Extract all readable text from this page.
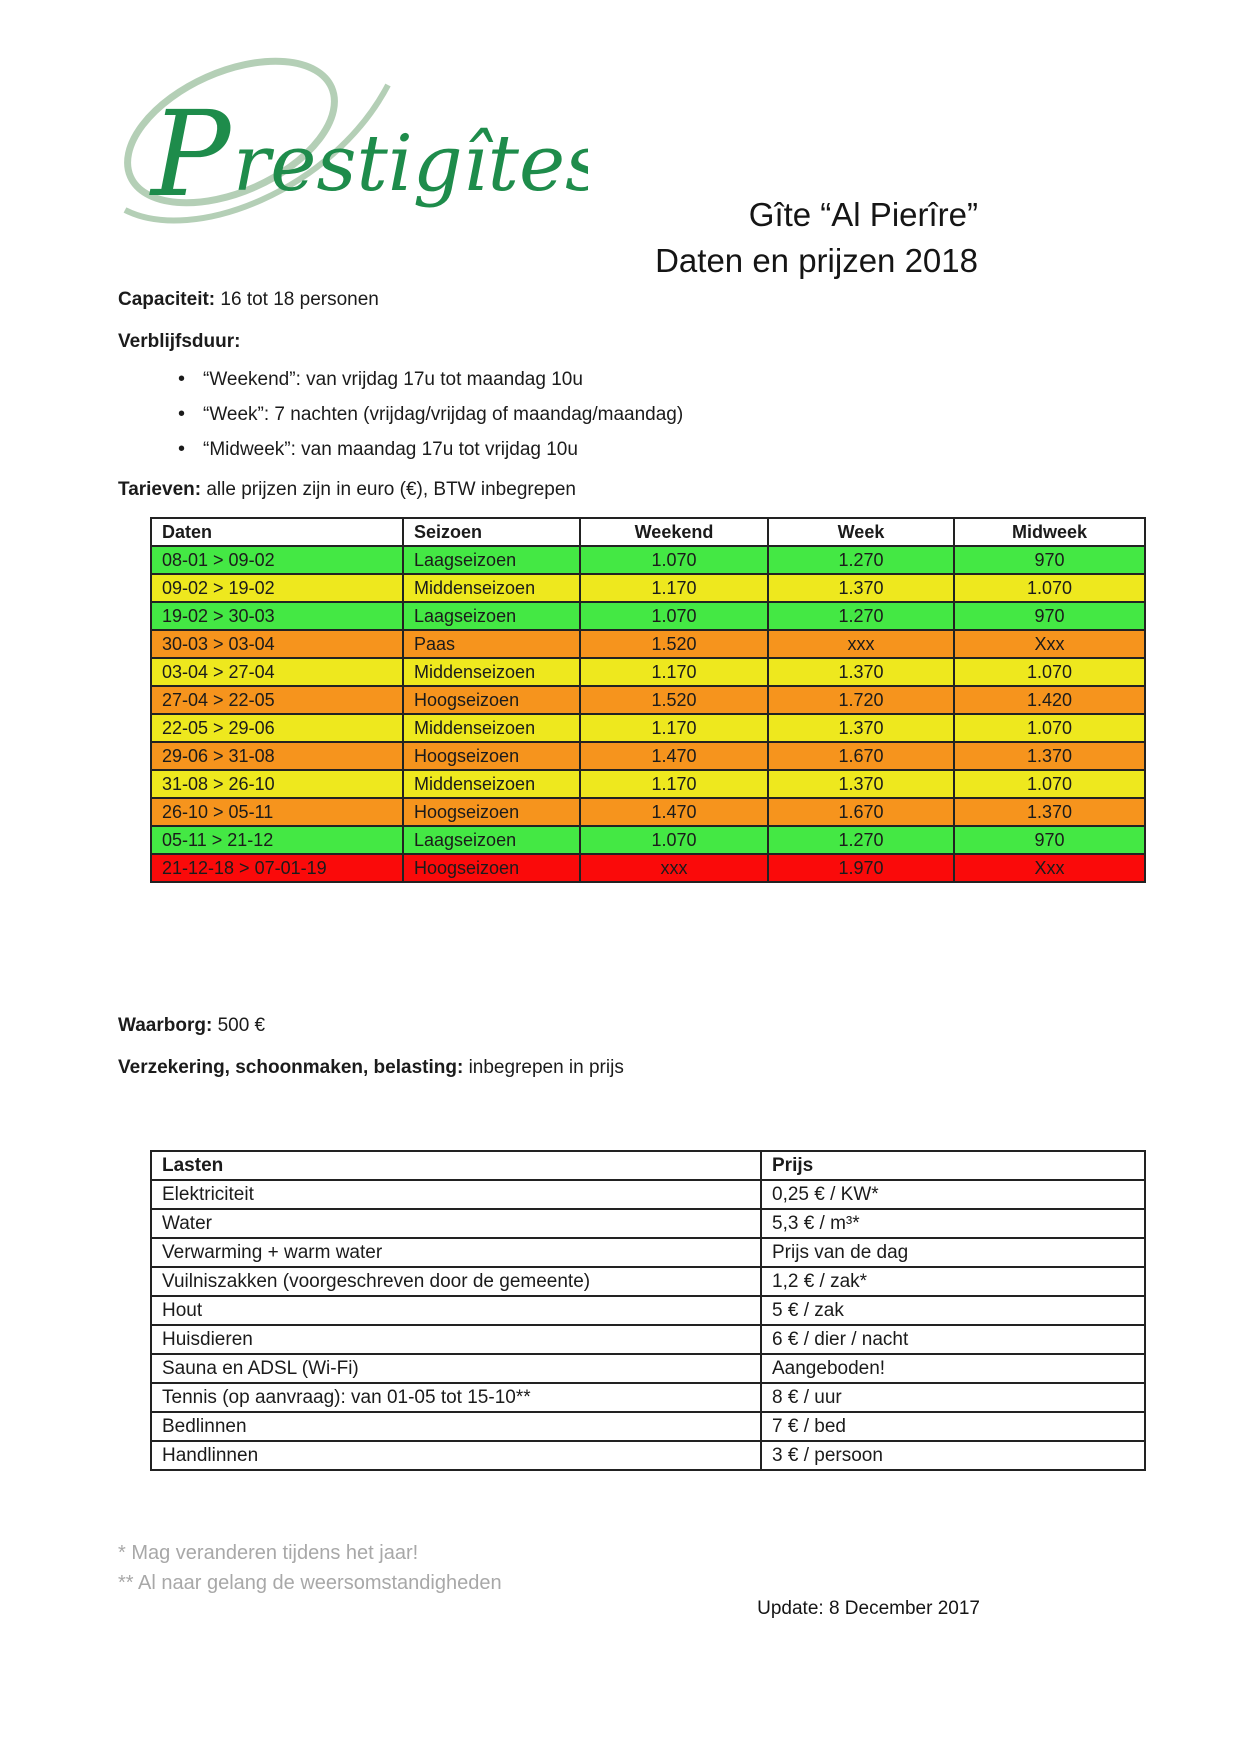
P restigîtes
Gîte “Al Pierîre”
Daten en prijzen 2018
Capaciteit: 16 tot 18 personen
Verblijfsduur:
• “Weekend”: van vrijdag 17u tot maandag 10u
• “Week”: 7 nachten (vrijdag/vrijdag of maandag/maandag)
• “Midweek”: van maandag 17u tot vrijdag 10u
Tarieven: alle prijzen zijn in euro (€), BTW inbegrepen
Daten	Seizoen	Weekend	Week	Midweek
08-01 > 09-02	Laagseizoen	1.070	1.270	970
09-02 > 19-02	Middenseizoen	1.170	1.370	1.070
19-02 > 30-03	Laagseizoen	1.070	1.270	970
30-03 > 03-04	Paas	1.520	xxx	Xxx
03-04 > 27-04	Middenseizoen	1.170	1.370	1.070
27-04 > 22-05	Hoogseizoen	1.520	1.720	1.420
22-05 > 29-06	Middenseizoen	1.170	1.370	1.070
29-06 > 31-08	Hoogseizoen	1.470	1.670	1.370
31-08 > 26-10	Middenseizoen	1.170	1.370	1.070
26-10 > 05-11	Hoogseizoen	1.470	1.670	1.370
05-11 > 21-12	Laagseizoen	1.070	1.270	970
21-12-18 > 07-01-19	Hoogseizoen	xxx	1.970	Xxx
Waarborg: 500 €
Verzekering, schoonmaken, belasting: inbegrepen in prijs
Lasten	Prijs
Elektriciteit	0,25 € / KW*
Water	5,3 € / m³*
Verwarming + warm water	Prijs van de dag
Vuilniszakken (voorgeschreven door de gemeente)	1,2 € / zak*
Hout	5 € / zak
Huisdieren	6 € / dier / nacht
Sauna en ADSL (Wi-Fi)	Aangeboden!
Tennis (op aanvraag): van 01-05 tot 15-10**	8 € / uur
Bedlinnen	7 € / bed
Handlinnen	3 € / persoon
* Mag veranderen tijdens het jaar!
** Al naar gelang de weersomstandigheden
Update: 8 December 2017
